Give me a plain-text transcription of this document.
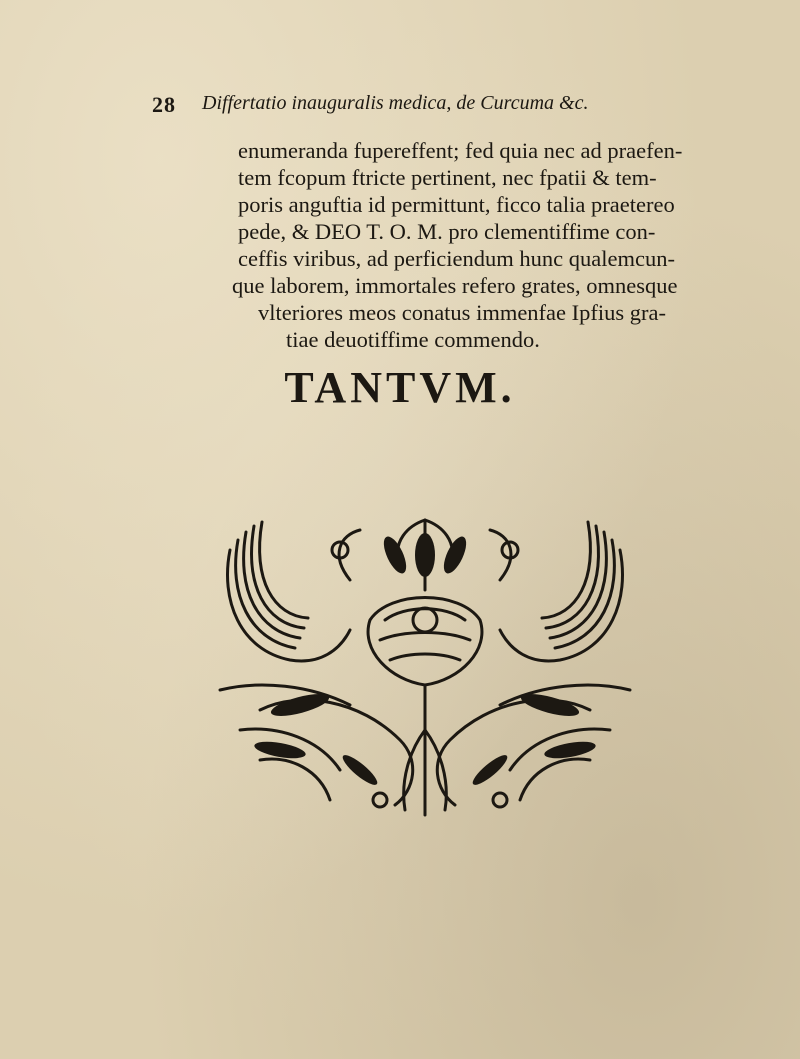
28 Differtatio inauguralis medica, de Curcuma &c.
enumeranda fupereffent; fed quia nec ad praefen-
tem fcopum ftricte pertinent, nec fpatii & tem-
poris anguftia id permittunt, ficco talia praetereo
pede, & DEO T. O. M. pro clementiffime con-
ceffis viribus, ad perficiendum hunc qualemcun-
que laborem, immortales refero grates, omnesque
vlteriores meos conatus immenfae Ipfius gra-
tiae deuotiffime commendo.
TANTVM.
